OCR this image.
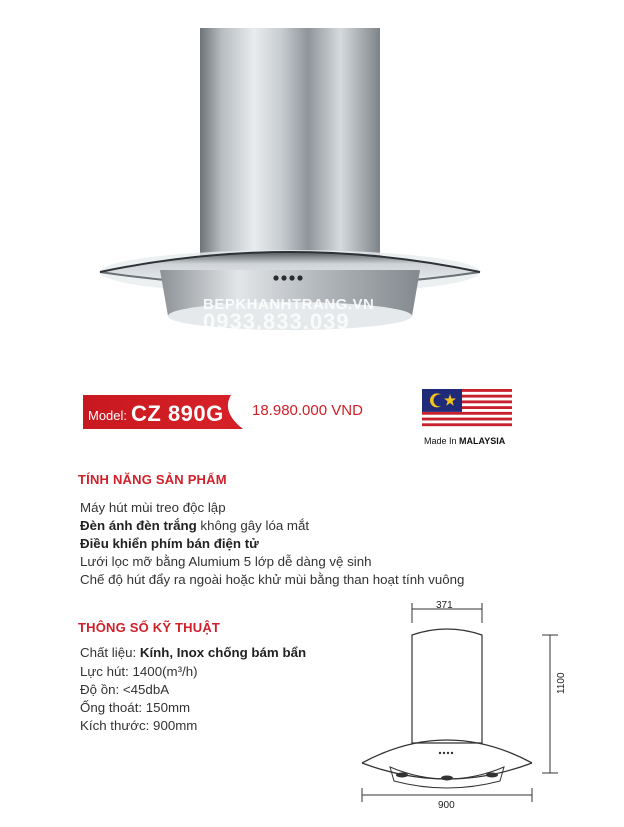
BEPKHANHTRANG.VN
0933.833.039
Model: CZ 890G 18.980.000 VND
Made In MALAYSIA
TÍNH NĂNG SẢN PHẨM
Máy hút mùi treo độc lập
Đèn ánh đèn trắng không gây lóa mắt
Điều khiển phím bán điện tử
Lưới lọc mỡ bằng Alumium 5 lớp dễ dàng vệ sinh
Chế độ hút đẩy ra ngoài hoặc khử mùi bằng than hoạt tính vuông
THÔNG SỐ KỸ THUẬT
Chất liệu: Kính, Inox chống bám bẩn
Lực hút: 1400(m³/h)
Độ ồn: <45dbA
Ống thoát: 150mm
Kích thước: 900mm
371
1100
900
